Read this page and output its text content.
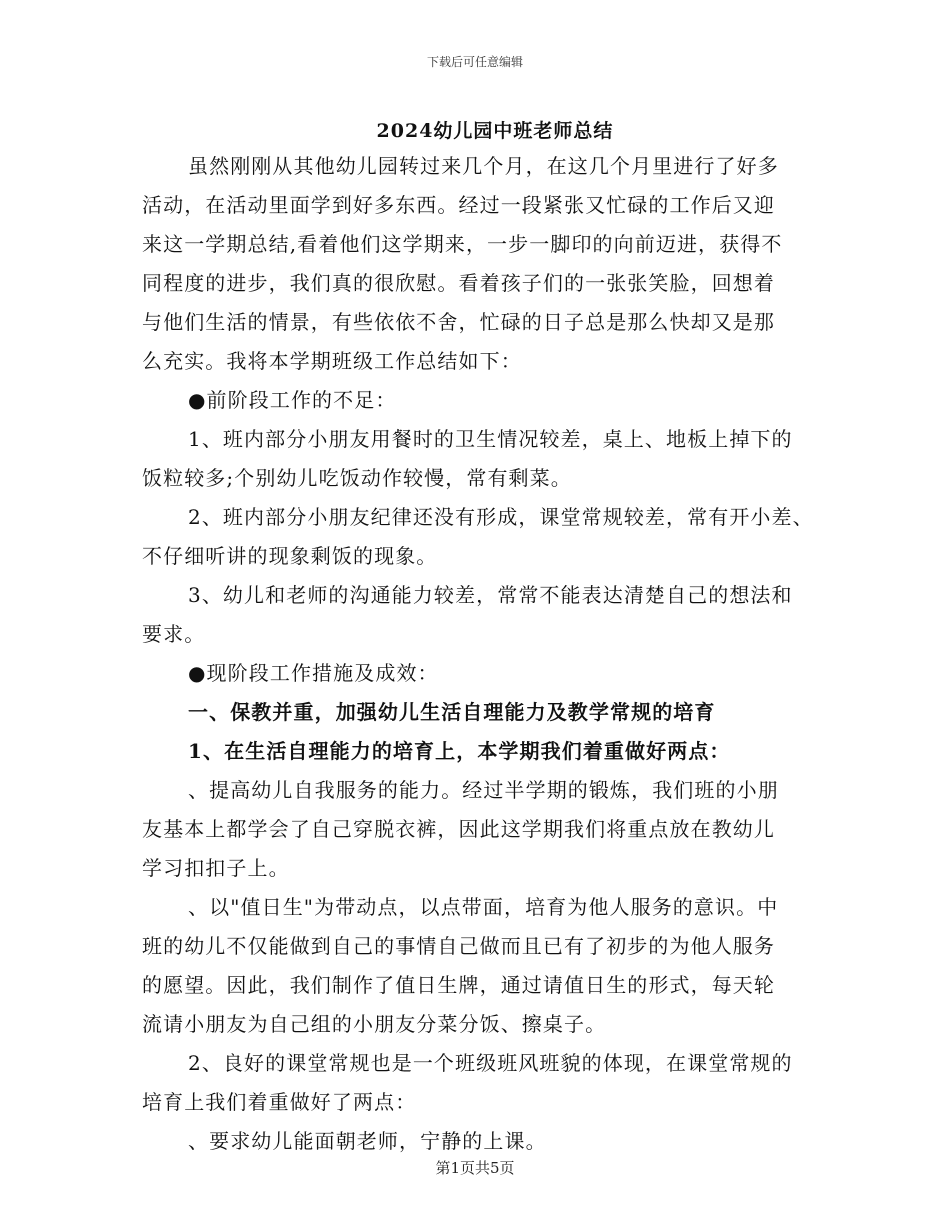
下载后可任意编辑
2024幼儿园中班老师总结
虽然刚刚从其他幼儿园转过来几个月，在这几个月里进行了好多
活动，在活动里面学到好多东西。经过一段紧张又忙碌的工作后又迎
来这一学期总结,看着他们这学期来，一步一脚印的向前迈进，获得不
同程度的进步，我们真的很欣慰。看着孩子们的一张张笑脸，回想着
与他们生活的情景，有些依依不舍，忙碌的日子总是那么快却又是那
么充实。我将本学期班级工作总结如下：
●前阶段工作的不足：
1、班内部分小朋友用餐时的卫生情况较差，桌上、地板上掉下的
饭粒较多;个别幼儿吃饭动作较慢，常有剩菜。
2、班内部分小朋友纪律还没有形成，课堂常规较差，常有开小差、
不仔细听讲的现象剩饭的现象。
3、幼儿和老师的沟通能力较差，常常不能表达清楚自己的想法和
要求。
●现阶段工作措施及成效：
一、保教并重，加强幼儿生活自理能力及教学常规的培育
1、在生活自理能力的培育上，本学期我们着重做好两点：
、提高幼儿自我服务的能力。经过半学期的锻炼，我们班的小朋
友基本上都学会了自己穿脱衣裤，因此这学期我们将重点放在教幼儿
学习扣扣子上。
、以"值日生"为带动点，以点带面，培育为他人服务的意识。中
班的幼儿不仅能做到自己的事情自己做而且已有了初步的为他人服务
的愿望。因此，我们制作了值日生牌，通过请值日生的形式，每天轮
流请小朋友为自己组的小朋友分菜分饭、擦桌子。
2、良好的课堂常规也是一个班级班风班貌的体现，在课堂常规的
培育上我们着重做好了两点：
、要求幼儿能面朝老师，宁静的上课。
第1页共5页
